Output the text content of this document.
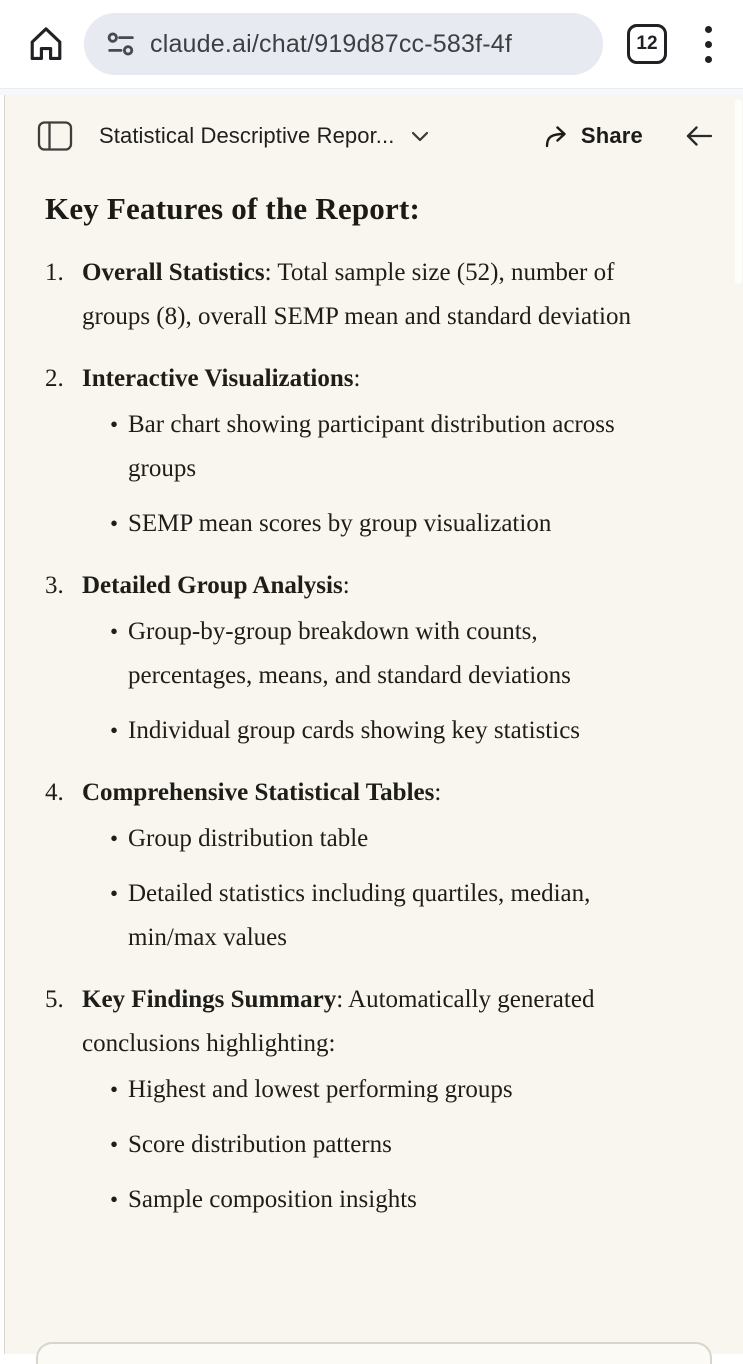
claude.ai/chat/919d87cc-583f-4f	12
Statistical Descriptive Repor...	Share
Key Features of the Report:
1. Overall Statistics: Total sample size (52), number of groups (8), overall SEMP mean and standard deviation
2. Interactive Visualizations:
• Bar chart showing participant distribution across groups
• SEMP mean scores by group visualization
3. Detailed Group Analysis:
• Group-by-group breakdown with counts, percentages, means, and standard deviations
• Individual group cards showing key statistics
4. Comprehensive Statistical Tables:
• Group distribution table
• Detailed statistics including quartiles, median, min/max values
5. Key Findings Summary: Automatically generated conclusions highlighting:
• Highest and lowest performing groups
• Score distribution patterns
• Sample composition insights
